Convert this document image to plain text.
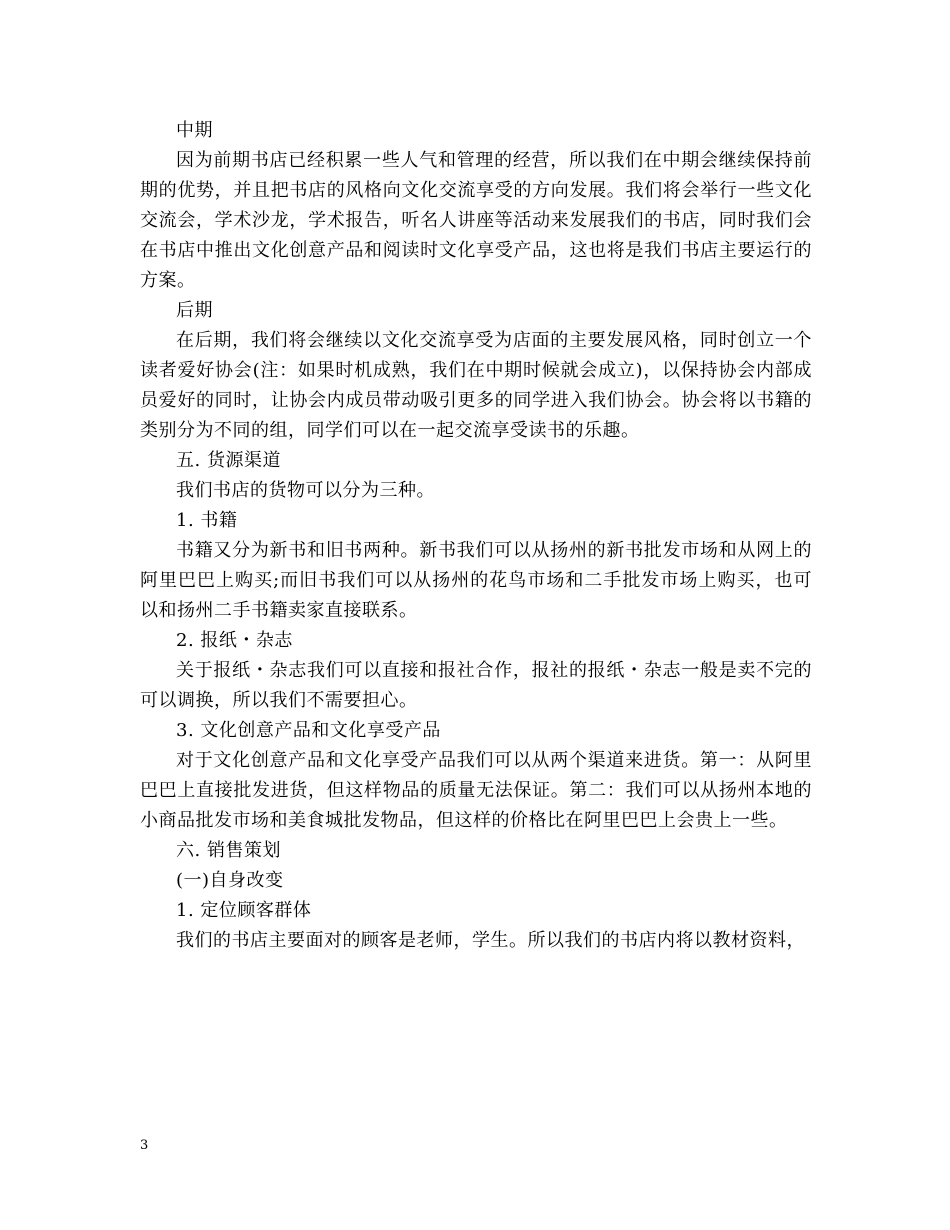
中期

因为前期书店已经积累一些人气和管理的经营，所以我们在中期会继续保持前期的优势，并且把书店的风格向文化交流享受的方向发展。我们将会举行一些文化交流会，学术沙龙，学术报告，听名人讲座等活动来发展我们的书店，同时我们会在书店中推出文化创意产品和阅读时文化享受产品，这也将是我们书店主要运行的方案。

后期

在后期，我们将会继续以文化交流享受为店面的主要发展风格，同时创立一个读者爱好协会(注：如果时机成熟，我们在中期时候就会成立)，以保持协会内部成员爱好的同时，让协会内成员带动吸引更多的同学进入我们协会。协会将以书籍的类别分为不同的组，同学们可以在一起交流享受读书的乐趣。

五. 货源渠道

我们书店的货物可以分为三种。

1. 书籍

书籍又分为新书和旧书两种。新书我们可以从扬州的新书批发市场和从网上的阿里巴巴上购买;而旧书我们可以从扬州的花鸟市场和二手批发市场上购买，也可以和扬州二手书籍卖家直接联系。

2. 报纸・杂志

关于报纸・杂志我们可以直接和报社合作，报社的报纸・杂志一般是卖不完的可以调换，所以我们不需要担心。

3. 文化创意产品和文化享受产品

对于文化创意产品和文化享受产品我们可以从两个渠道来进货。第一：从阿里巴巴上直接批发进货，但这样物品的质量无法保证。第二：我们可以从扬州本地的小商品批发市场和美食城批发物品，但这样的价格比在阿里巴巴上会贵上一些。

六. 销售策划

(一)自身改变

1. 定位顾客群体

我们的书店主要面对的顾客是老师，学生。所以我们的书店内将以教材资料，

3
